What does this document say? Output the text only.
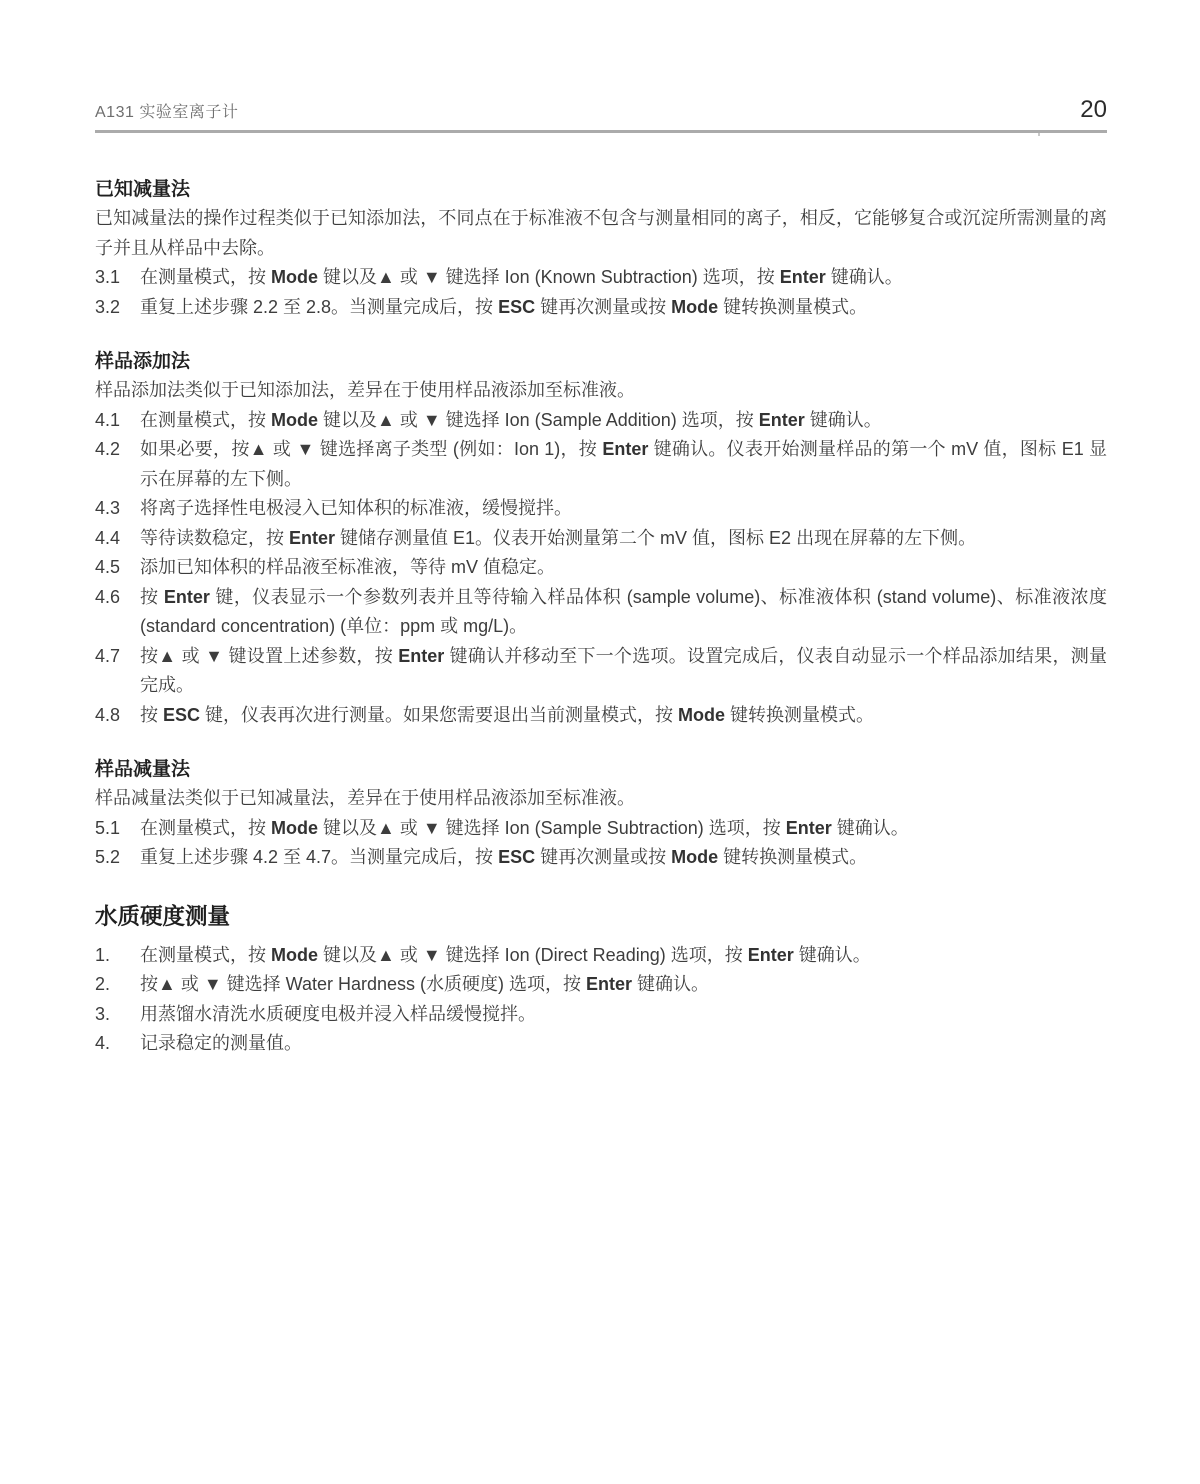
A131 实验室离子计	20
已知减量法

已知减量法的操作过程类似于已知添加法，不同点在于标准液不包含与测量相同的离子，相反，它能够复合或沉淀所需测量的离子并且从样品中去除。

3.1	在测量模式，按 Mode 键以及▲ 或 ▼ 键选择 Ion (Known Subtraction) 选项，按 Enter 键确认。
3.2	重复上述步骤 2.2 至 2.8。当测量完成后，按 ESC 键再次测量或按 Mode 键转换测量模式。
样品添加法

样品添加法类似于已知添加法，差异在于使用样品液添加至标准液。

4.1	在测量模式，按 Mode 键以及▲ 或 ▼ 键选择 Ion (Sample Addition) 选项，按 Enter 键确认。
4.2	如果必要，按▲ 或 ▼ 键选择离子类型 (例如：Ion 1)，按 Enter 键确认。仪表开始测量样品的第一个 mV 值，图标 E1 显示在屏幕的左下侧。
4.3	将离子选择性电极浸入已知体积的标准液，缓慢搅拌。
4.4	等待读数稳定，按 Enter 键储存测量值 E1。仪表开始测量第二个 mV 值，图标 E2 出现在屏幕的左下侧。
4.5	添加已知体积的样品液至标准液，等待 mV 值稳定。
4.6	按 Enter 键，仪表显示一个参数列表并且等待输入样品体积 (sample volume)、标准液体积 (stand volume)、标准液浓度 (standard concentration) (单位：ppm 或 mg/L)。
4.7	按▲ 或 ▼ 键设置上述参数，按 Enter 键确认并移动至下一个选项。设置完成后，仪表自动显示一个样品添加结果，测量完成。
4.8	按 ESC 键，仪表再次进行测量。如果您需要退出当前测量模式，按 Mode 键转换测量模式。
样品减量法

样品减量法类似于已知减量法，差异在于使用样品液添加至标准液。

5.1	在测量模式，按 Mode 键以及▲ 或 ▼ 键选择 Ion (Sample Subtraction) 选项，按 Enter 键确认。
5.2	重复上述步骤 4.2 至 4.7。当测量完成后，按 ESC 键再次测量或按 Mode 键转换测量模式。
水质硬度测量
1.	在测量模式，按 Mode 键以及▲ 或 ▼ 键选择 Ion (Direct Reading) 选项，按 Enter 键确认。
2.	按▲ 或 ▼ 键选择 Water Hardness (水质硬度) 选项，按 Enter 键确认。
3.	用蒸馏水清洗水质硬度电极并浸入样品缓慢搅拌。
4.	记录稳定的测量值。
